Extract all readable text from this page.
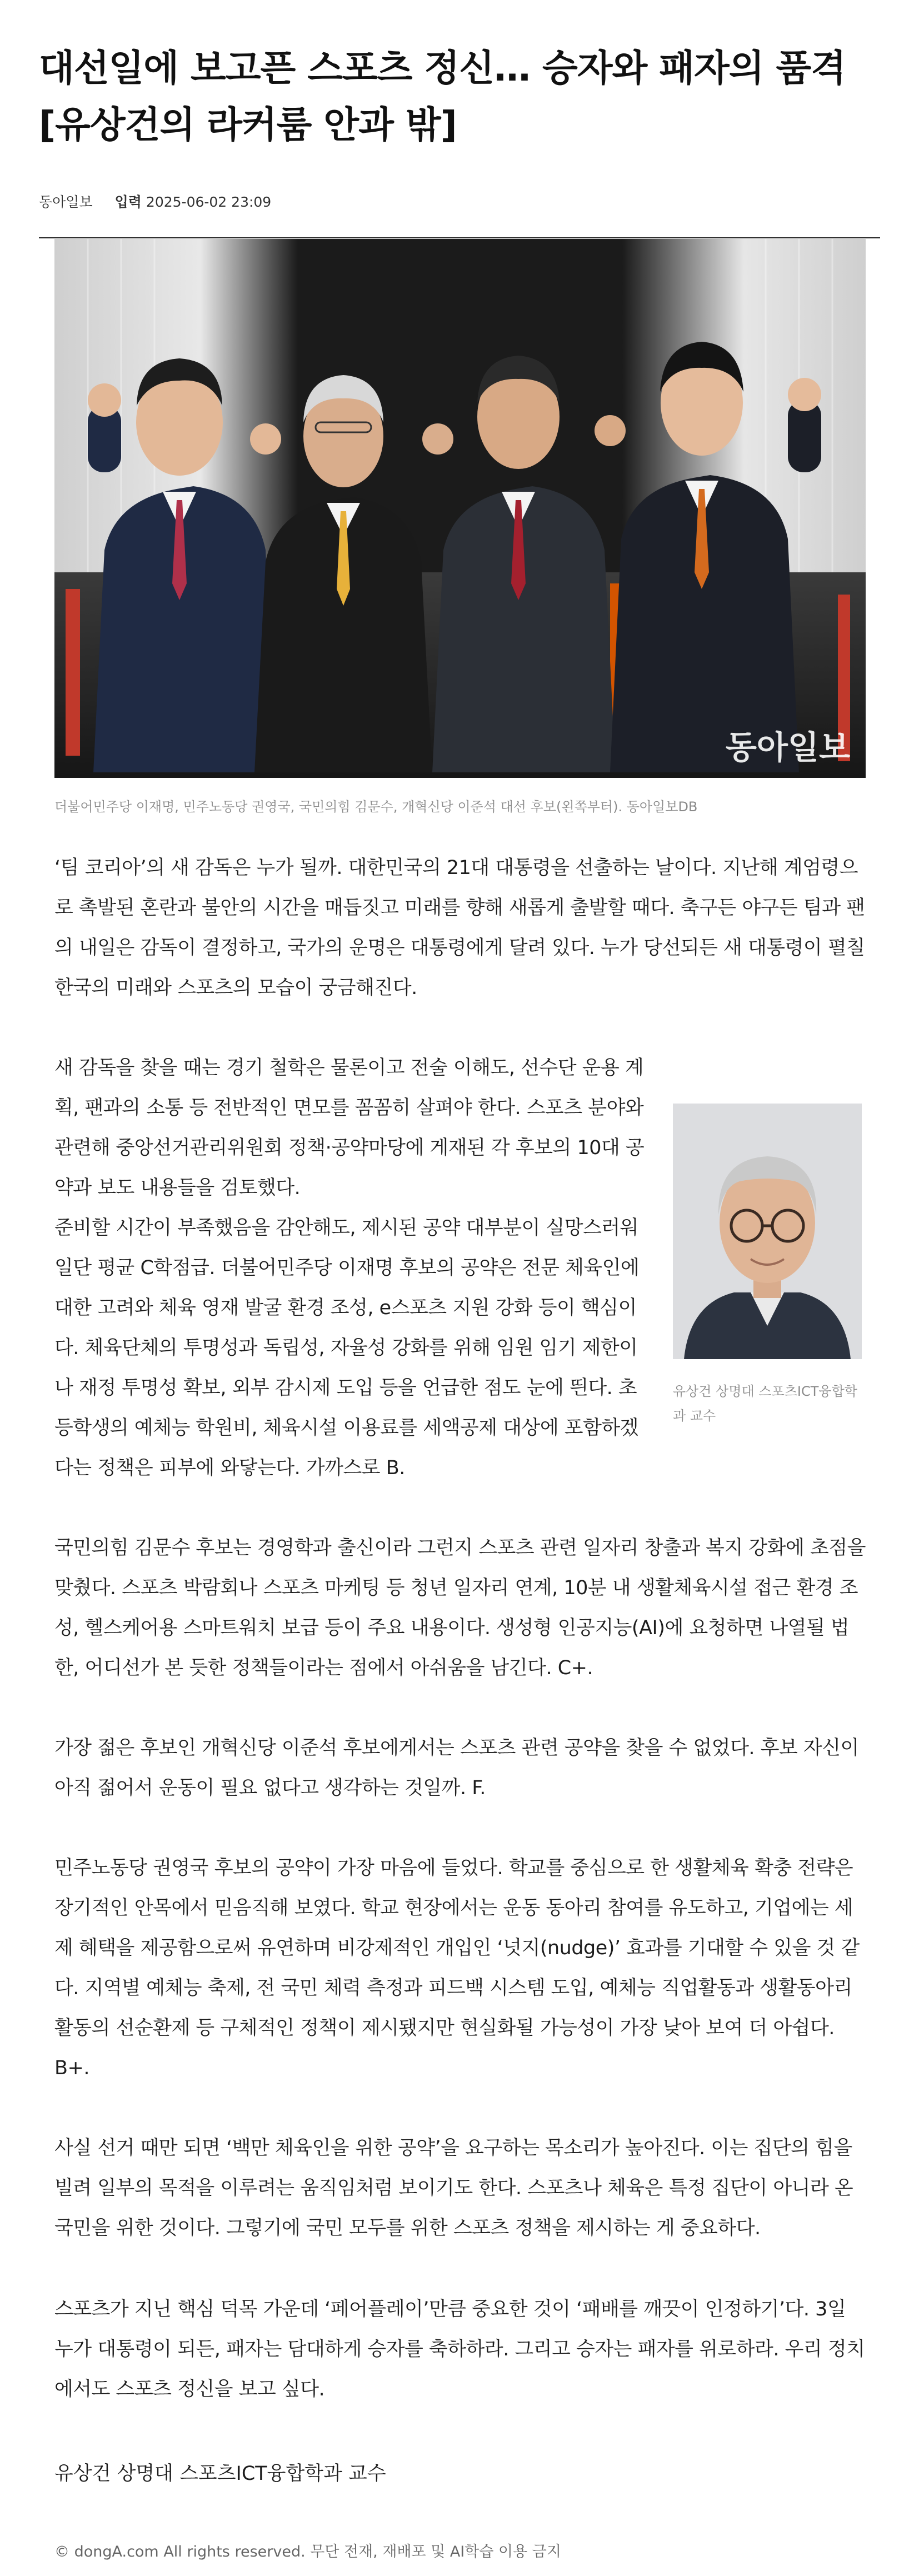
대선일에 보고픈 스포츠 정신… 승자와 패자의 품격[유상건의 라커룸 안과 밖]
동아일보 입력 2025-06-02 23:09
동아일보
더불어민주당 이재명, 민주노동당 권영국, 국민의힘 김문수, 개혁신당 이준석 대선 후보(왼쪽부터). 동아일보DB

‘팀 코리아’의 새 감독은 누가 될까. 대한민국의 21대 대통령을 선출하는 날이다. 지난해 계엄령으로 촉발된 혼란과 불안의 시간을 매듭짓고 미래를 향해 새롭게 출발할 때다. 축구든 야구든 팀과 팬의 내일은 감독이 결정하고, 국가의 운명은 대통령에게 달려 있다. 누가 당선되든 새 대통령이 펼칠 한국의 미래와 스포츠의 모습이 궁금해진다.

새 감독을 찾을 때는 경기 철학은 물론이고 전술 이해도, 선수단 운용 계획, 팬과의 소통 등 전반적인 면모를 꼼꼼히 살펴야 한다. 스포츠 분야와 관련해 중앙선거관리위원회 정책·공약마당에 게재된 각 후보의 10대 공약과 보도 내용들을 검토했다.

유상건 상명대 스포츠ICT융합학과 교수

준비할 시간이 부족했음을 감안해도, 제시된 공약 대부분이 실망스러워 일단 평균 C학점급. 더불어민주당 이재명 후보의 공약은 전문 체육인에 대한 고려와 체육 영재 발굴 환경 조성, e스포츠 지원 강화 등이 핵심이다. 체육단체의 투명성과 독립성, 자율성 강화를 위해 임원 임기 제한이나 재정 투명성 확보, 외부 감시제 도입 등을 언급한 점도 눈에 띈다. 초등학생의 예체능 학원비, 체육시설 이용료를 세액공제 대상에 포함하겠다는 정책은 피부에 와닿는다. 가까스로 B.

국민의힘 김문수 후보는 경영학과 출신이라 그런지 스포츠 관련 일자리 창출과 복지 강화에 초점을 맞췄다. 스포츠 박람회나 스포츠 마케팅 등 청년 일자리 연계, 10분 내 생활체육시설 접근 환경 조성, 헬스케어용 스마트워치 보급 등이 주요 내용이다. 생성형 인공지능(AI)에 요청하면 나열될 법한, 어디선가 본 듯한 정책들이라는 점에서 아쉬움을 남긴다. C+.

가장 젊은 후보인 개혁신당 이준석 후보에게서는 스포츠 관련 공약을 찾을 수 없었다. 후보 자신이 아직 젊어서 운동이 필요 없다고 생각하는 것일까. F.

민주노동당 권영국 후보의 공약이 가장 마음에 들었다. 학교를 중심으로 한 생활체육 확충 전략은 장기적인 안목에서 믿음직해 보였다. 학교 현장에서는 운동 동아리 참여를 유도하고, 기업에는 세제 혜택을 제공함으로써 유연하며 비강제적인 개입인 ‘넛지(nudge)’ 효과를 기대할 수 있을 것 같다. 지역별 예체능 축제, 전 국민 체력 측정과 피드백 시스템 도입, 예체능 직업활동과 생활동아리 활동의 선순환제 등 구체적인 정책이 제시됐지만 현실화될 가능성이 가장 낮아 보여 더 아쉽다. B+.

사실 선거 때만 되면 ‘백만 체육인을 위한 공약’을 요구하는 목소리가 높아진다. 이는 집단의 힘을 빌려 일부의 목적을 이루려는 움직임처럼 보이기도 한다. 스포츠나 체육은 특정 집단이 아니라 온 국민을 위한 것이다. 그렇기에 국민 모두를 위한 스포츠 정책을 제시하는 게 중요하다.

스포츠가 지닌 핵심 덕목 가운데 ‘페어플레이’만큼 중요한 것이 ‘패배를 깨끗이 인정하기’다. 3일 누가 대통령이 되든, 패자는 담대하게 승자를 축하하라. 그리고 승자는 패자를 위로하라. 우리 정치에서도 스포츠 정신을 보고 싶다.

유상건 상명대 스포츠ICT융합학과 교수
© dongA.com All rights reserved. 무단 전재, 재배포 및 AI학습 이용 금지
